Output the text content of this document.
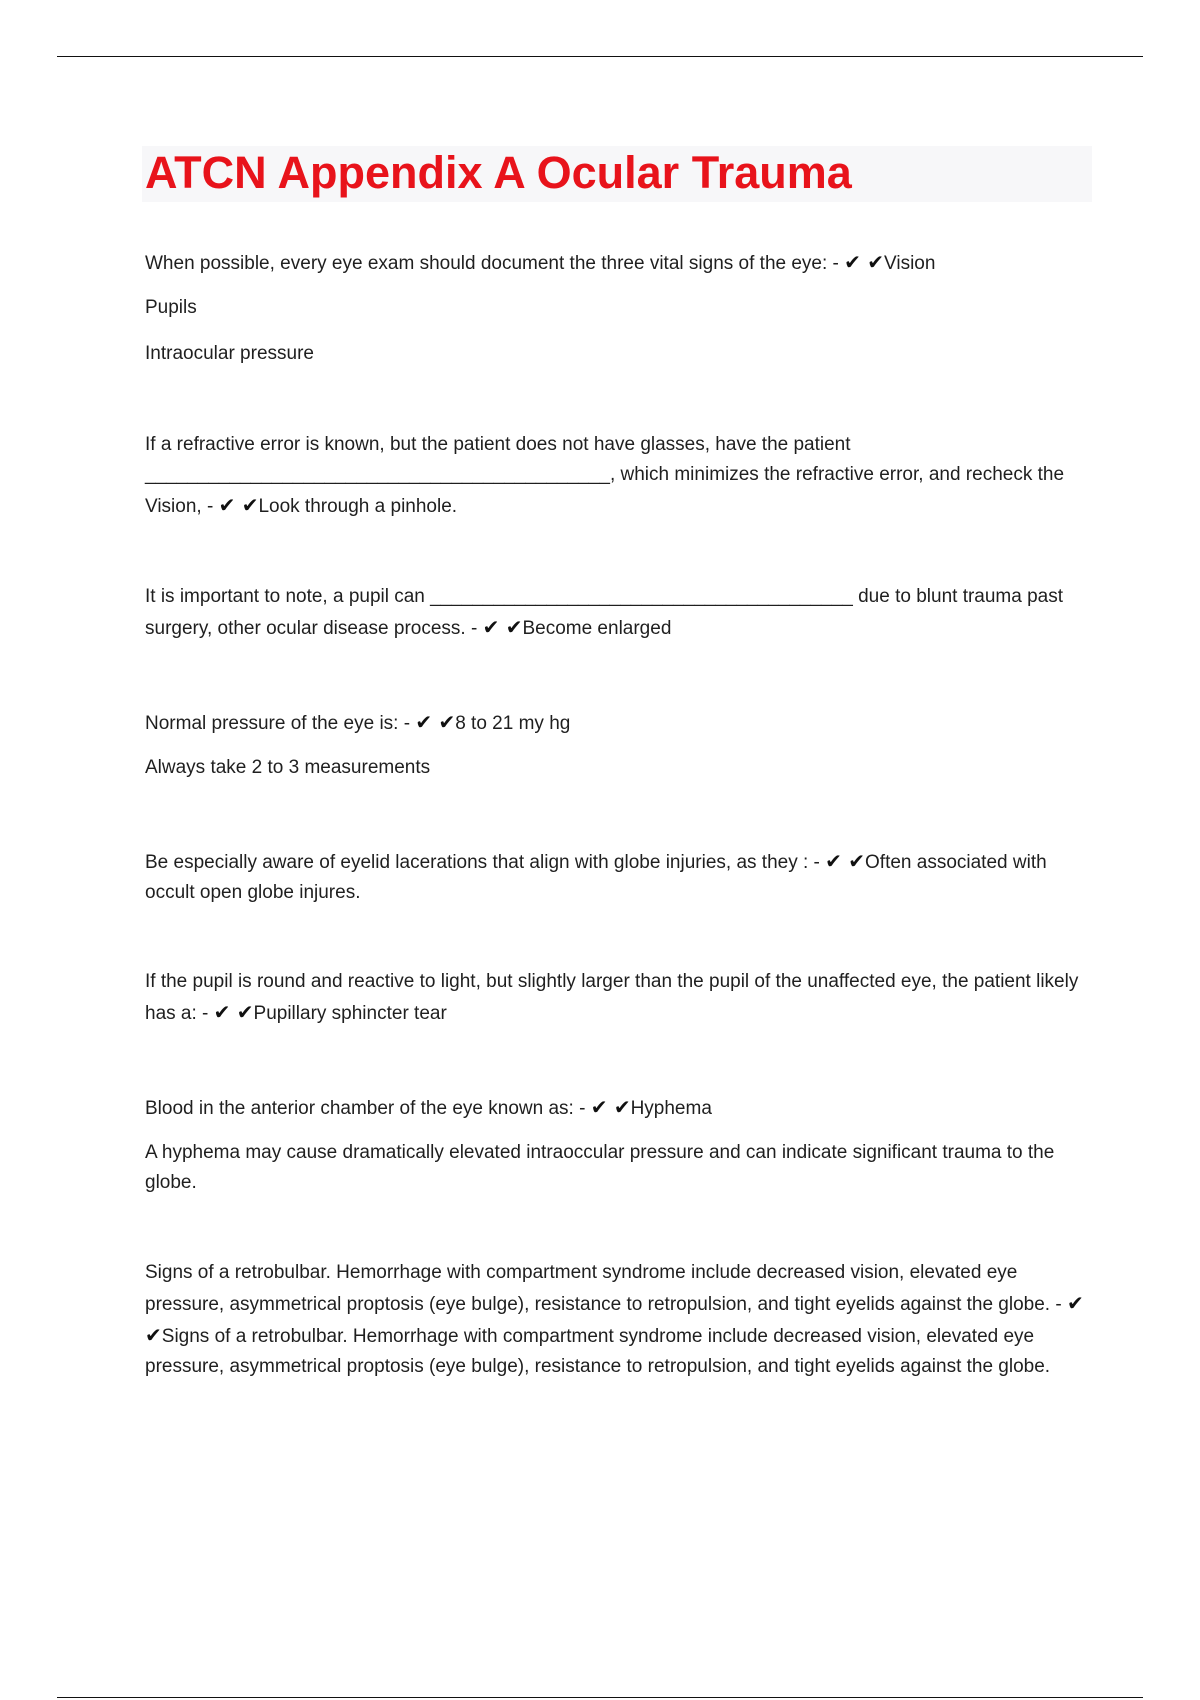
ATCN Appendix A Ocular Trauma

When possible, every eye exam should document the three vital signs of the eye: - ✔ ✔Vision

Pupils

Intraocular pressure

If a refractive error is known, but the patient does not have glasses, have the patient ____________________________________________, which minimizes the refractive error, and recheck the Vision, - ✔ ✔Look through a pinhole.

It is important to note, a pupil can ________________________________________ due to blunt trauma past surgery, other ocular disease process. - ✔ ✔Become enlarged

Normal pressure of the eye is: - ✔ ✔8 to 21 my hg

Always take 2 to 3 measurements

Be especially aware of eyelid lacerations that align with globe injuries, as they : - ✔ ✔Often associated with occult open globe injures.

If the pupil is round and reactive to light, but slightly larger than the pupil of the unaffected eye, the patient likely has a: - ✔ ✔Pupillary sphincter tear

Blood in the anterior chamber of the eye known as: - ✔ ✔Hyphema

A hyphema may cause dramatically elevated intraoccular pressure and can indicate significant trauma to the globe.

Signs of a retrobulbar. Hemorrhage with compartment syndrome include decreased vision, elevated eye pressure, asymmetrical proptosis (eye bulge), resistance to retropulsion, and tight eyelids against the globe. - ✔ ✔Signs of a retrobulbar. Hemorrhage with compartment syndrome include decreased vision, elevated eye pressure, asymmetrical proptosis (eye bulge), resistance to retropulsion, and tight eyelids against the globe.
